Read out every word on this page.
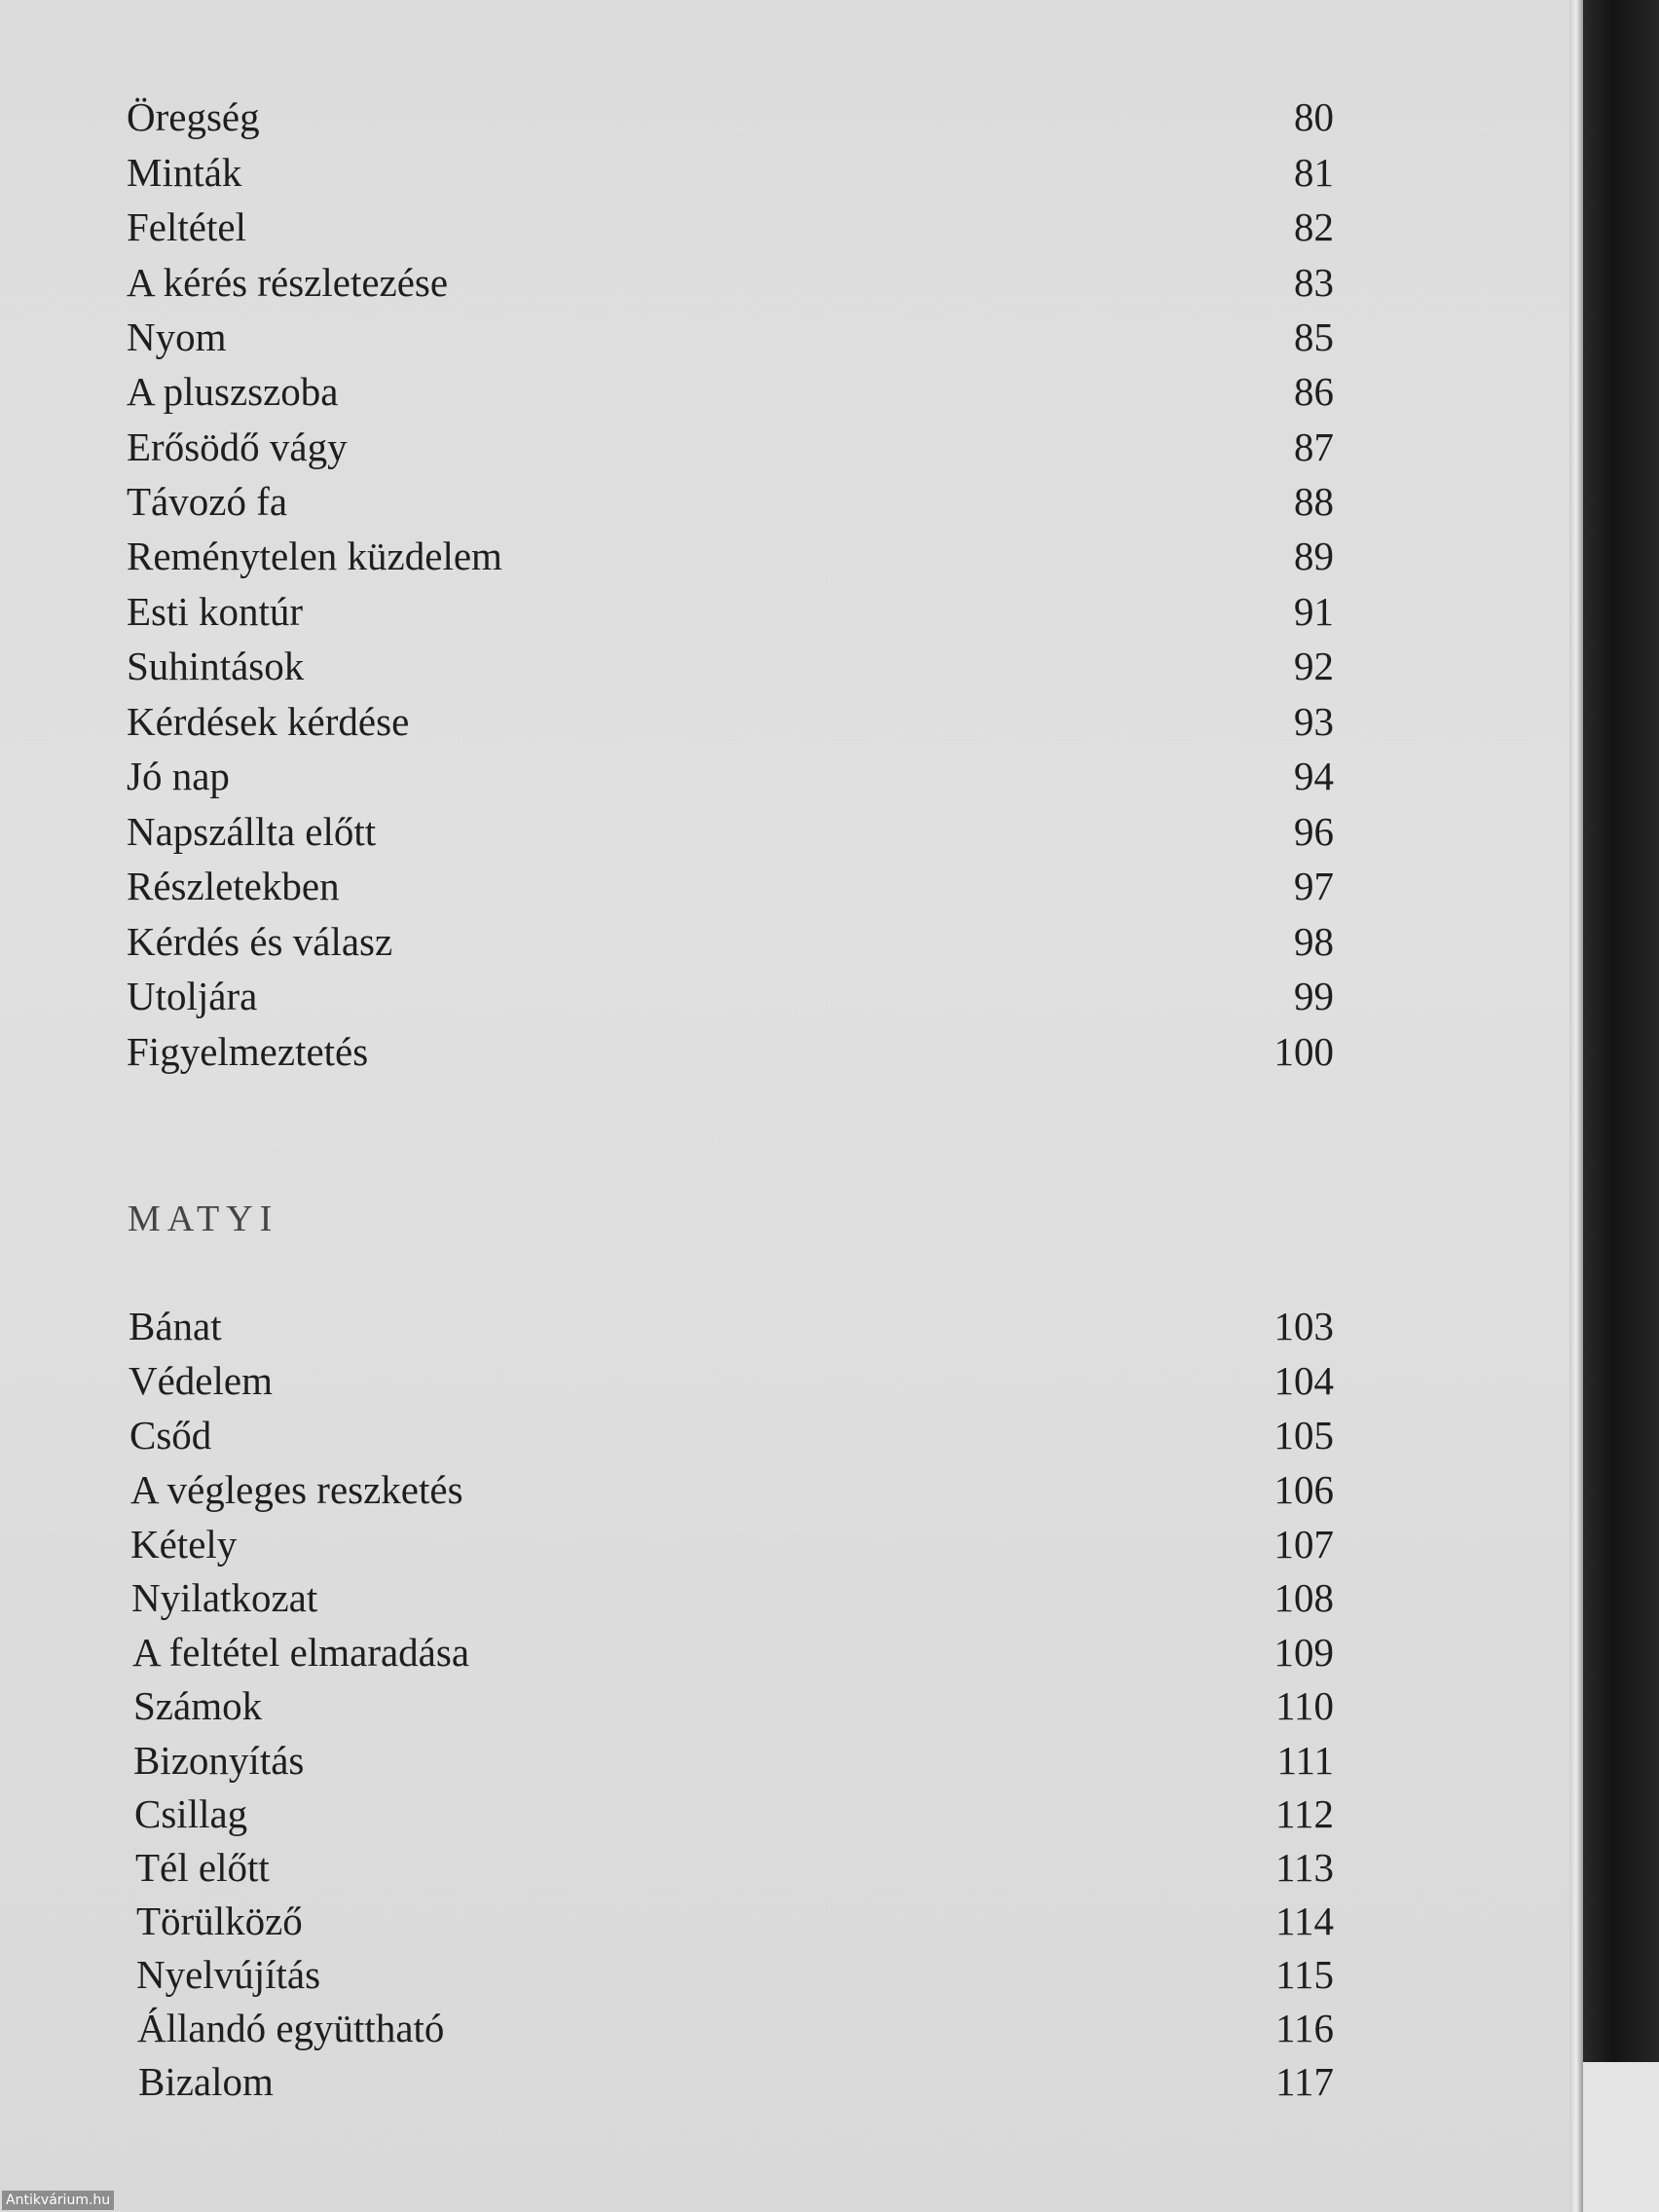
Öregség	80
Minták	81
Feltétel	82
A kérés részletezése	83
Nyom	85
A pluszszoba	86
Erősödő vágy	87
Távozó fa	88
Reménytelen küzdelem	89
Esti kontúr	91
Suhintások	92
Kérdések kérdése	93
Jó nap	94
Napszállta előtt	96
Részletekben	97
Kérdés és válasz	98
Utoljára	99
Figyelmeztetés	100
MATYI
Bánat	103
Védelem	104
Csőd	105
A végleges reszketés	106
Kétely	107
Nyilatkozat	108
A feltétel elmaradása	109
Számok	110
Bizonyítás	111
Csillag	112
Tél előtt	113
Törülköző	114
Nyelvújítás	115
Állandó együttható	116
Bizalom	117
Antikvárium.hu
